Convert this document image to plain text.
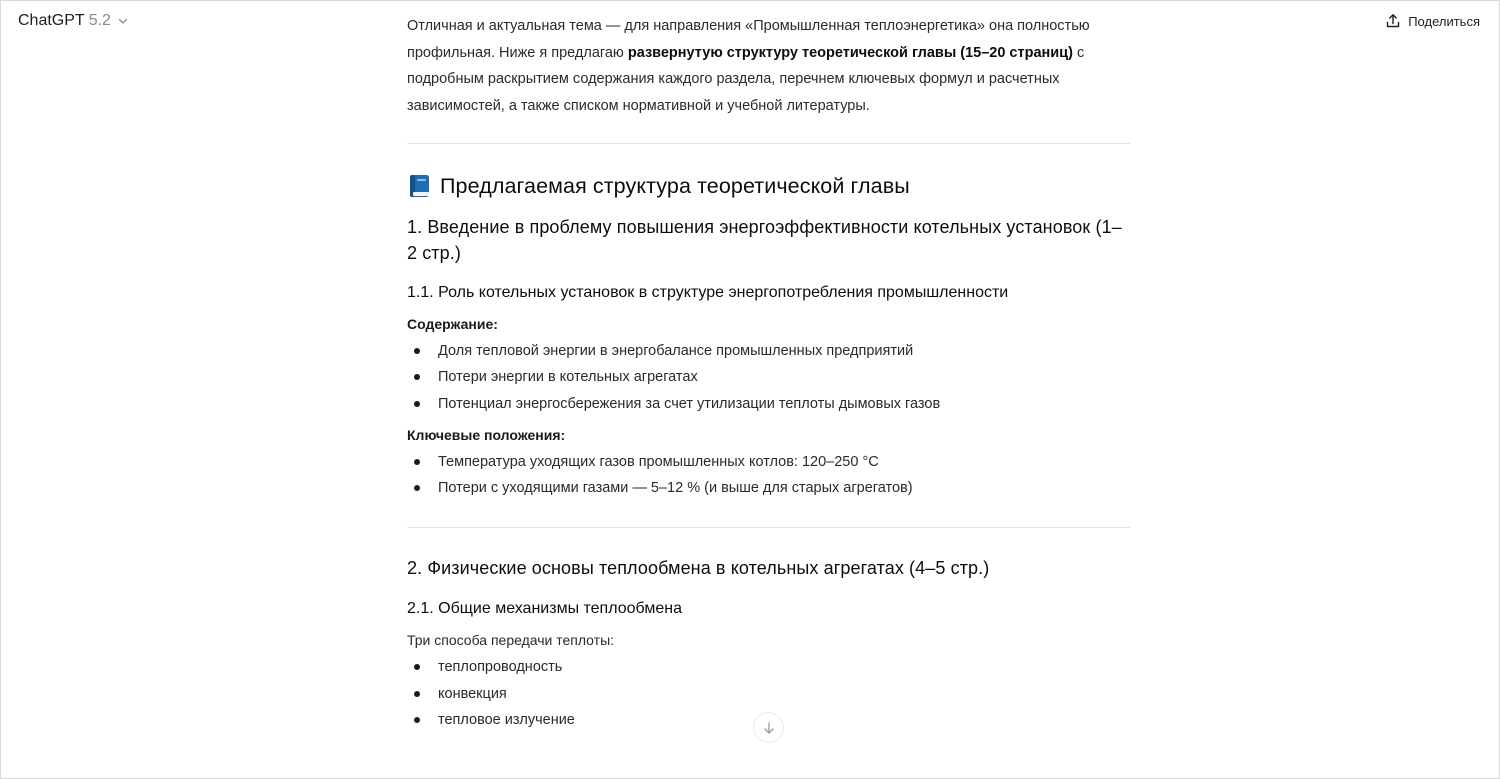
ChatGPT 5.2	Поделиться

Отличная и актуальная тема — для направления «Промышленная теплоэнергетика» она полностью профильная. Ниже я предлагаю развернутую структуру теоретической главы (15–20 страниц) с подробным раскрытием содержания каждого раздела, перечнем ключевых формул и расчетных зависимостей, а также списком нормативной и учебной литературы.

Предлагаемая структура теоретической главы
1. Введение в проблему повышения энергоэффективности котельных установок (1–2 стр.)
1.1. Роль котельных установок в структуре энергопотребления промышленности
Содержание:
Доля тепловой энергии в энергобалансе промышленных предприятий
Потери энергии в котельных агрегатах
Потенциал энергосбережения за счет утилизации теплоты дымовых газов
Ключевые положения:
Температура уходящих газов промышленных котлов: 120–250 °C
Потери с уходящими газами — 5–12 % (и выше для старых агрегатов)
2. Физические основы теплообмена в котельных агрегатах (4–5 стр.)
2.1. Общие механизмы теплообмена
Три способа передачи теплоты:
теплопроводность
конвекция
тепловое излучение
